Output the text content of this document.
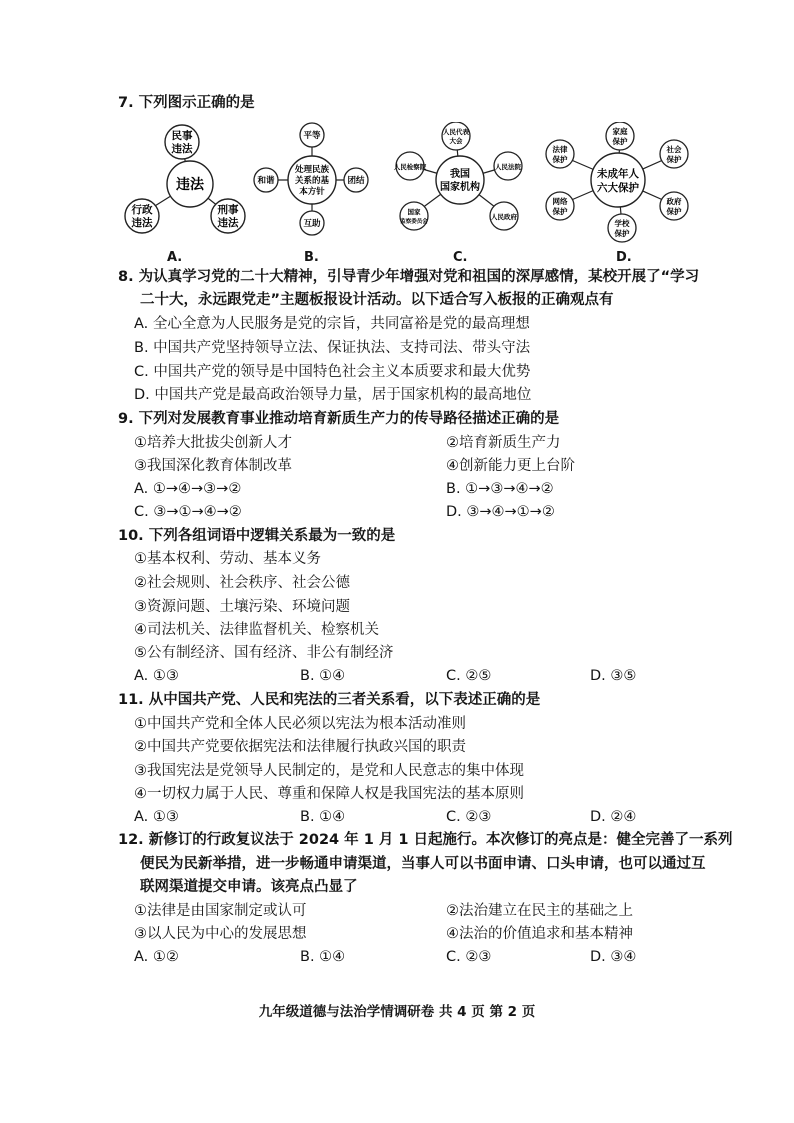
7. 下列图示正确的是
违法
民事
违法
行政
违法
刑事
违法
A.
处理民族
关系的基
本方针
平等
团结
互助
和谐
B.
我国
国家机构
人民代表
大会
人民法院
人民政府
国家
监察委员会
人民检察院
C.
未成年人
六大保护
家庭
保护
社会
保护
政府
保护
学校
保护
网络
保护
法律
保护
D.
8. 为认真学习党的二十大精神，引导青少年增强对党和祖国的深厚感情，某校开展了“学习
二十大，永远跟党走”主题板报设计活动。以下适合写入板报的正确观点有
A. 全心全意为人民服务是党的宗旨，共同富裕是党的最高理想
B. 中国共产党坚持领导立法、保证执法、支持司法、带头守法
C. 中国共产党的领导是中国特色社会主义本质要求和最大优势
D. 中国共产党是最高政治领导力量，居于国家机构的最高地位
9. 下列对发展教育事业推动培育新质生产力的传导路径描述正确的是
①培养大批拔尖创新人才	②培育新质生产力
③我国深化教育体制改革	④创新能力更上台阶
A. ①→④→③→②	B. ①→③→④→②
C. ③→①→④→②	D. ③→④→①→②
10. 下列各组词语中逻辑关系最为一致的是
①基本权利、劳动、基本义务
②社会规则、社会秩序、社会公德
③资源问题、土壤污染、环境问题
④司法机关、法律监督机关、检察机关
⑤公有制经济、国有经济、非公有制经济
A. ①③	B. ①④	C. ②⑤	D. ③⑤
11. 从中国共产党、人民和宪法的三者关系看，以下表述正确的是
①中国共产党和全体人民必须以宪法为根本活动准则
②中国共产党要依据宪法和法律履行执政兴国的职责
③我国宪法是党领导人民制定的，是党和人民意志的集中体现
④一切权力属于人民、尊重和保障人权是我国宪法的基本原则
A. ①③	B. ①④	C. ②③	D. ②④
12. 新修订的行政复议法于 2024 年 1 月 1 日起施行。本次修订的亮点是：健全完善了一系列
便民为民新举措，进一步畅通申请渠道，当事人可以书面申请、口头申请，也可以通过互
联网渠道提交申请。该亮点凸显了
①法律是由国家制定或认可	②法治建立在民主的基础之上
③以人民为中心的发展思想	④法治的价值追求和基本精神
A. ①②	B. ①④	C. ②③	D. ③④
九年级道德与法治学情调研卷 共 4 页 第 2 页
